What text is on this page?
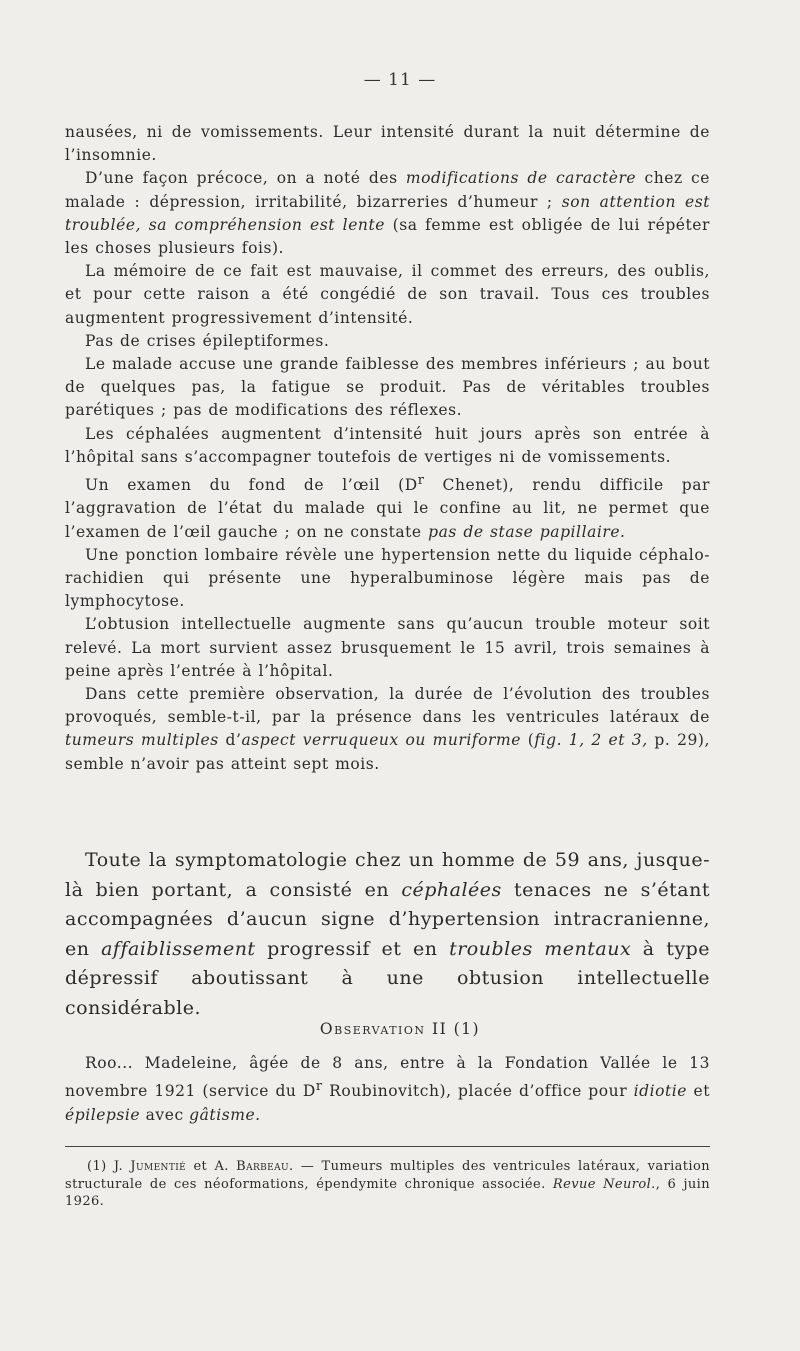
— 11 —

nausées, ni de vomissements. Leur intensité durant la nuit détermine de l’insomnie.

D’une façon précoce, on a noté des modifications de caractère chez ce malade : dépression, irritabilité, bizarreries d’humeur ; son attention est troublée, sa compréhension est lente (sa femme est obligée de lui répéter les choses plusieurs fois).

La mémoire de ce fait est mauvaise, il commet des erreurs, des oublis, et pour cette raison a été congédié de son travail. Tous ces troubles augmentent progressivement d’intensité.

Pas de crises épileptiformes.

Le malade accuse une grande faiblesse des membres inférieurs ; au bout de quelques pas, la fatigue se produit. Pas de véritables troubles parétiques ; pas de modifications des réflexes.

Les céphalées augmentent d’intensité huit jours après son entrée à l’hôpital sans s’accompagner toutefois de vertiges ni de vomissements.

Un examen du fond de l’œil ($D^r$ Chenet), rendu difficile par l’aggravation de l’état du malade qui le confine au lit, ne permet que l’examen de l’œil gauche ; on ne constate pas de stase papillaire.

Une ponction lombaire révèle une hypertension nette du liquide céphalo-rachidien qui présente une hyperalbuminose légère mais pas de lymphocytose.

L’obtusion intellectuelle augmente sans qu’aucun trouble moteur soit relevé. La mort survient assez brusquement le 15 avril, trois semaines à peine après l’entrée à l’hôpital.

Dans cette première observation, la durée de l’évolution des troubles provoqués, semble-t-il, par la présence dans les ventricules latéraux de tumeurs multiples d’aspect verruqueux ou muriforme (fig. 1, 2 et 3, p. 29), semble n’avoir pas atteint sept mois.

Toute la symptomatologie chez un homme de 59 ans, jusque-là bien portant, a consisté en céphalées tenaces ne s’étant accompagnées d’aucun signe d’hypertension intracranienne, en affaiblissement progressif et en troubles mentaux à type dépressif aboutissant à une obtusion intellectuelle considérable.
Observation II (1)
Roo... Madeleine, âgée de 8 ans, entre à la Fondation Vallée le 13 novembre 1921 (service du $D^r$ Roubinovitch), placée d’office pour idiotie et épilepsie avec gâtisme.
(1) J. Jumentié et A. Barbeau. — Tumeurs multiples des ventricules latéraux, variation structurale de ces néoformations, épendymite chronique associée. Revue Neurol., 6 juin 1926.
